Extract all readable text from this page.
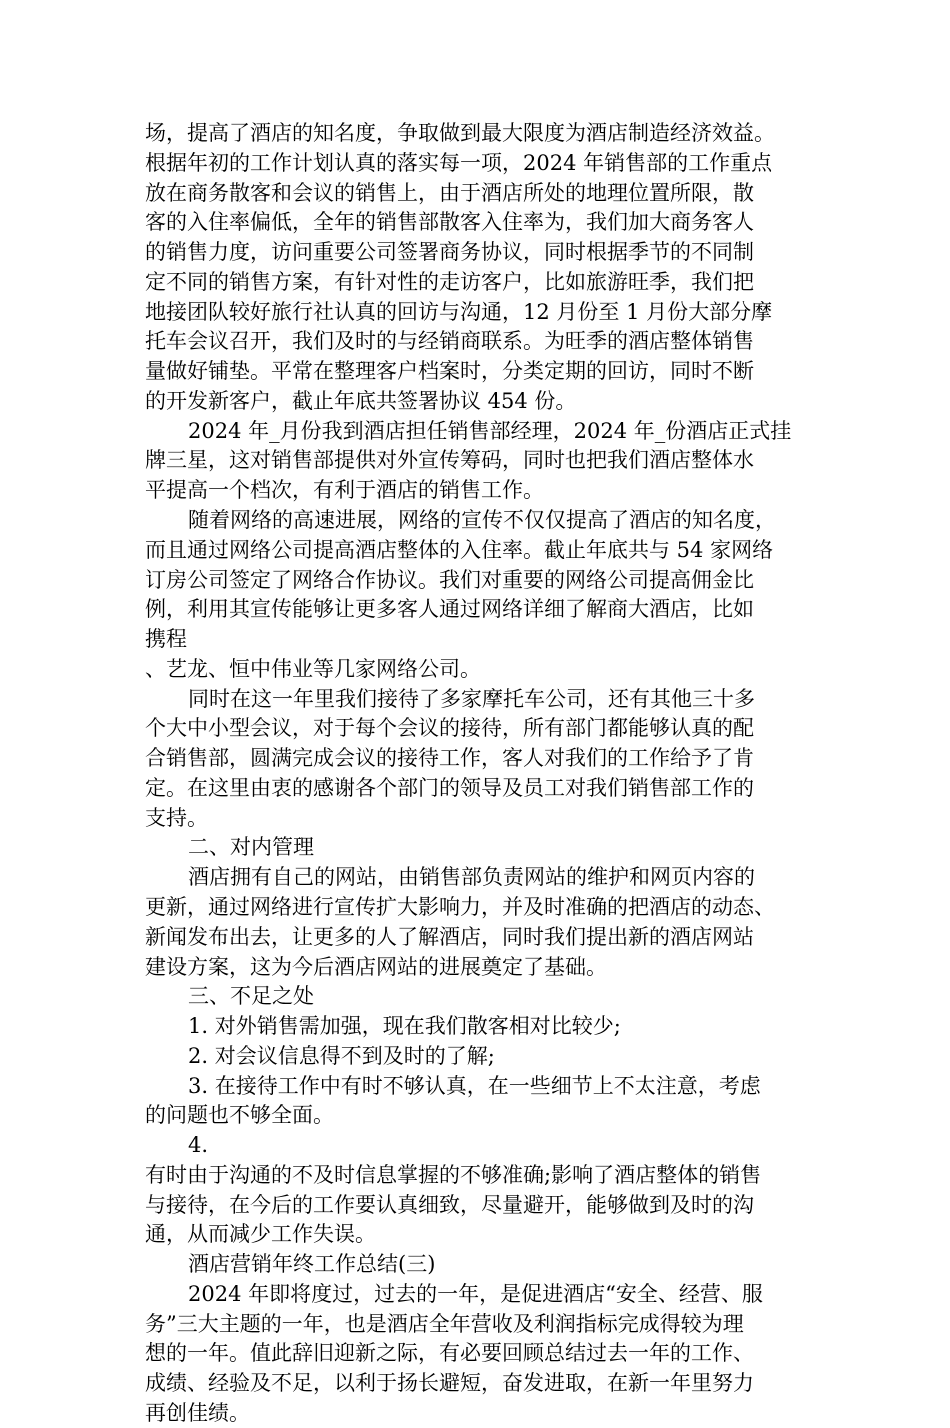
场，提高了酒店的知名度，争取做到最大限度为酒店制造经济效益。
根据年初的工作计划认真的落实每一项，2024 年销售部的工作重点
放在商务散客和会议的销售上，由于酒店所处的地理位置所限，散
客的入住率偏低，全年的销售部散客入住率为，我们加大商务客人
的销售力度，访问重要公司签署商务协议，同时根据季节的不同制
定不同的销售方案，有针对性的走访客户，比如旅游旺季，我们把
地接团队较好旅行社认真的回访与沟通，12 月份至 1 月份大部分摩
托车会议召开，我们及时的与经销商联系。为旺季的酒店整体销售
量做好铺垫。平常在整理客户档案时，分类定期的回访，同时不断
的开发新客户，截止年底共签署协议 454 份。
2024 年_月份我到酒店担任销售部经理，2024 年_份酒店正式挂
牌三星，这对销售部提供对外宣传筹码，同时也把我们酒店整体水
平提高一个档次，有利于酒店的销售工作。
随着网络的高速进展，网络的宣传不仅仅提高了酒店的知名度，
而且通过网络公司提高酒店整体的入住率。截止年底共与 54 家网络
订房公司签定了网络合作协议。我们对重要的网络公司提高佣金比
例，利用其宣传能够让更多客人通过网络详细了解商大酒店，比如
携程
、艺龙、恒中伟业等几家网络公司。
同时在这一年里我们接待了多家摩托车公司，还有其他三十多
个大中小型会议，对于每个会议的接待，所有部门都能够认真的配
合销售部，圆满完成会议的接待工作，客人对我们的工作给予了肯
定。在这里由衷的感谢各个部门的领导及员工对我们销售部工作的
支持。
二、对内管理
酒店拥有自己的网站，由销售部负责网站的维护和网页内容的
更新，通过网络进行宣传扩大影响力，并及时准确的把酒店的动态、
新闻发布出去，让更多的人了解酒店，同时我们提出新的酒店网站
建设方案，这为今后酒店网站的进展奠定了基础。
三、不足之处
1. 对外销售需加强，现在我们散客相对比较少;
2. 对会议信息得不到及时的了解;
3. 在接待工作中有时不够认真，在一些细节上不太注意，考虑
的问题也不够全面。
4.
有时由于沟通的不及时信息掌握的不够准确;影响了酒店整体的销售
与接待，在今后的工作要认真细致，尽量避开，能够做到及时的沟
通，从而减少工作失误。
酒店营销年终工作总结(三)
2024 年即将度过，过去的一年，是促进酒店“安全、经营、服
务”三大主题的一年，也是酒店全年营收及利润指标完成得较为理
想的一年。值此辞旧迎新之际，有必要回顾总结过去一年的工作、
成绩、经验及不足，以利于扬长避短，奋发进取，在新一年里努力
再创佳绩。
